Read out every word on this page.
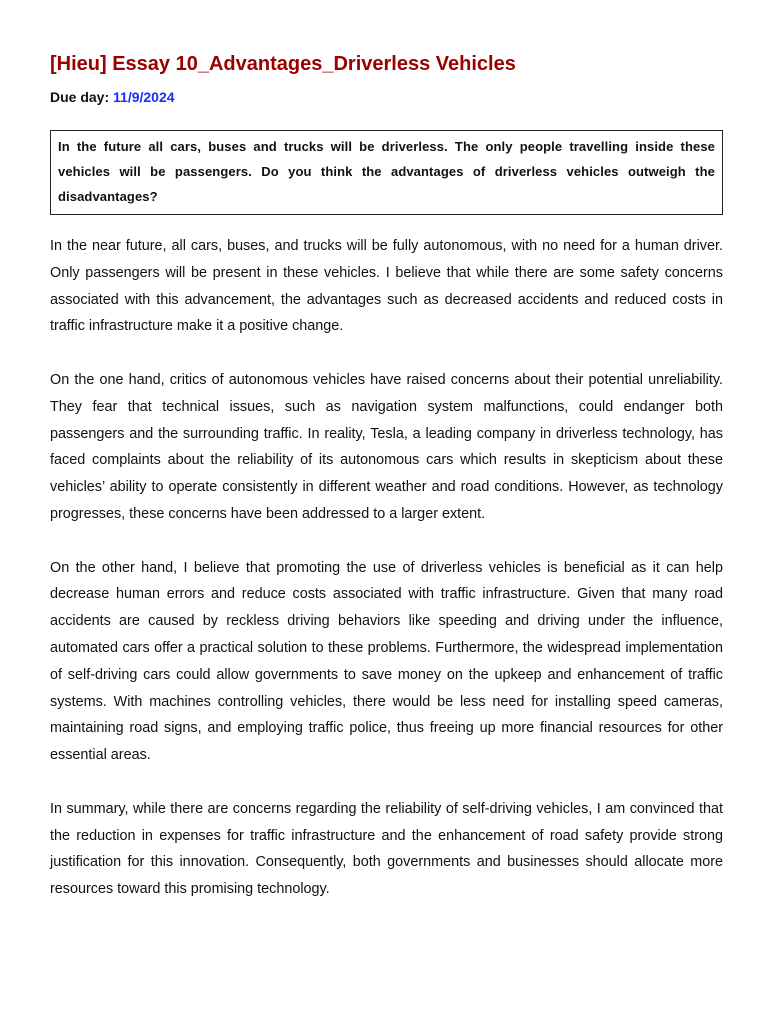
[Hieu] Essay 10_Advantages_Driverless Vehicles
Due day: 11/9/2024
In the future all cars, buses and trucks will be driverless. The only people travelling inside these vehicles will be passengers. Do you think the advantages of driverless vehicles outweigh the disadvantages?

In the near future, all cars, buses, and trucks will be fully autonomous, with no need for a human driver. Only passengers will be present in these vehicles. I believe that while there are some safety concerns associated with this advancement, the advantages such as decreased accidents and reduced costs in traffic infrastructure make it a positive change.

On the one hand, critics of autonomous vehicles have raised concerns about their potential unreliability. They fear that technical issues, such as navigation system malfunctions, could endanger both passengers and the surrounding traffic. In reality, Tesla, a leading company in driverless technology, has faced complaints about the reliability of its autonomous cars which results in skepticism about these vehicles’ ability to operate consistently in different weather and road conditions. However, as technology progresses, these concerns have been addressed to a larger extent.

On the other hand, I believe that promoting the use of driverless vehicles is beneficial as it can help decrease human errors and reduce costs associated with traffic infrastructure. Given that many road accidents are caused by reckless driving behaviors like speeding and driving under the influence, automated cars offer a practical solution to these problems. Furthermore, the widespread implementation of self-driving cars could allow governments to save money on the upkeep and enhancement of traffic systems. With machines controlling vehicles, there would be less need for installing speed cameras, maintaining road signs, and employing traffic police, thus freeing up more financial resources for other essential areas.

In summary, while there are concerns regarding the reliability of self-driving vehicles, I am convinced that the reduction in expenses for traffic infrastructure and the enhancement of road safety provide strong justification for this innovation. Consequently, both governments and businesses should allocate more resources toward this promising technology.
